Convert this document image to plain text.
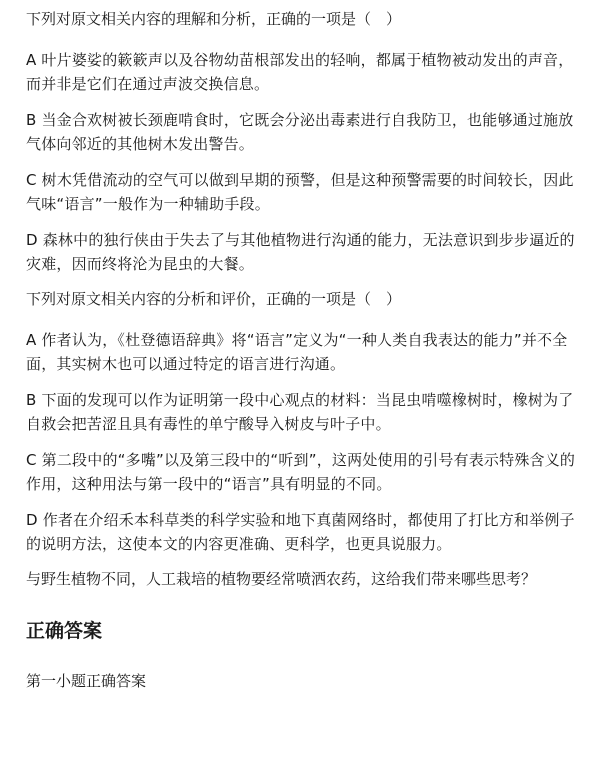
下列对原文相关内容的理解和分析，正确的一项是（　）
A 叶片婆娑的簌簌声以及谷物幼苗根部发出的轻响，都属于植物被动发出的声音，而并非是它们在通过声波交换信息。
B 当金合欢树被长颈鹿啃食时，它既会分泌出毒素进行自我防卫，也能够通过施放气体向邻近的其他树木发出警告。
C 树木凭借流动的空气可以做到早期的预警，但是这种预警需要的时间较长，因此气味“语言”一般作为一种辅助手段。
D 森林中的独行侠由于失去了与其他植物进行沟通的能力，无法意识到步步逼近的灾难，因而终将沦为昆虫的大餐。
下列对原文相关内容的分析和评价，正确的一项是（　）
A 作者认为，《杜登德语辞典》将“语言”定义为“一种人类自我表达的能力”并不全面，其实树木也可以通过特定的语言进行沟通。
B 下面的发现可以作为证明第一段中心观点的材料：当昆虫啃噬橡树时，橡树为了自救会把苦涩且具有毒性的单宁酸导入树皮与叶子中。
C 第二段中的“多嘴”以及第三段中的“听到”，这两处使用的引号有表示特殊含义的作用，这种用法与第一段中的“语言”具有明显的不同。
D 作者在介绍禾本科草类的科学实验和地下真菌网络时，都使用了打比方和举例子的说明方法，这使本文的内容更准确、更科学，也更具说服力。
与野生植物不同，人工栽培的植物要经常喷洒农药，这给我们带来哪些思考？
正确答案
第一小题正确答案
